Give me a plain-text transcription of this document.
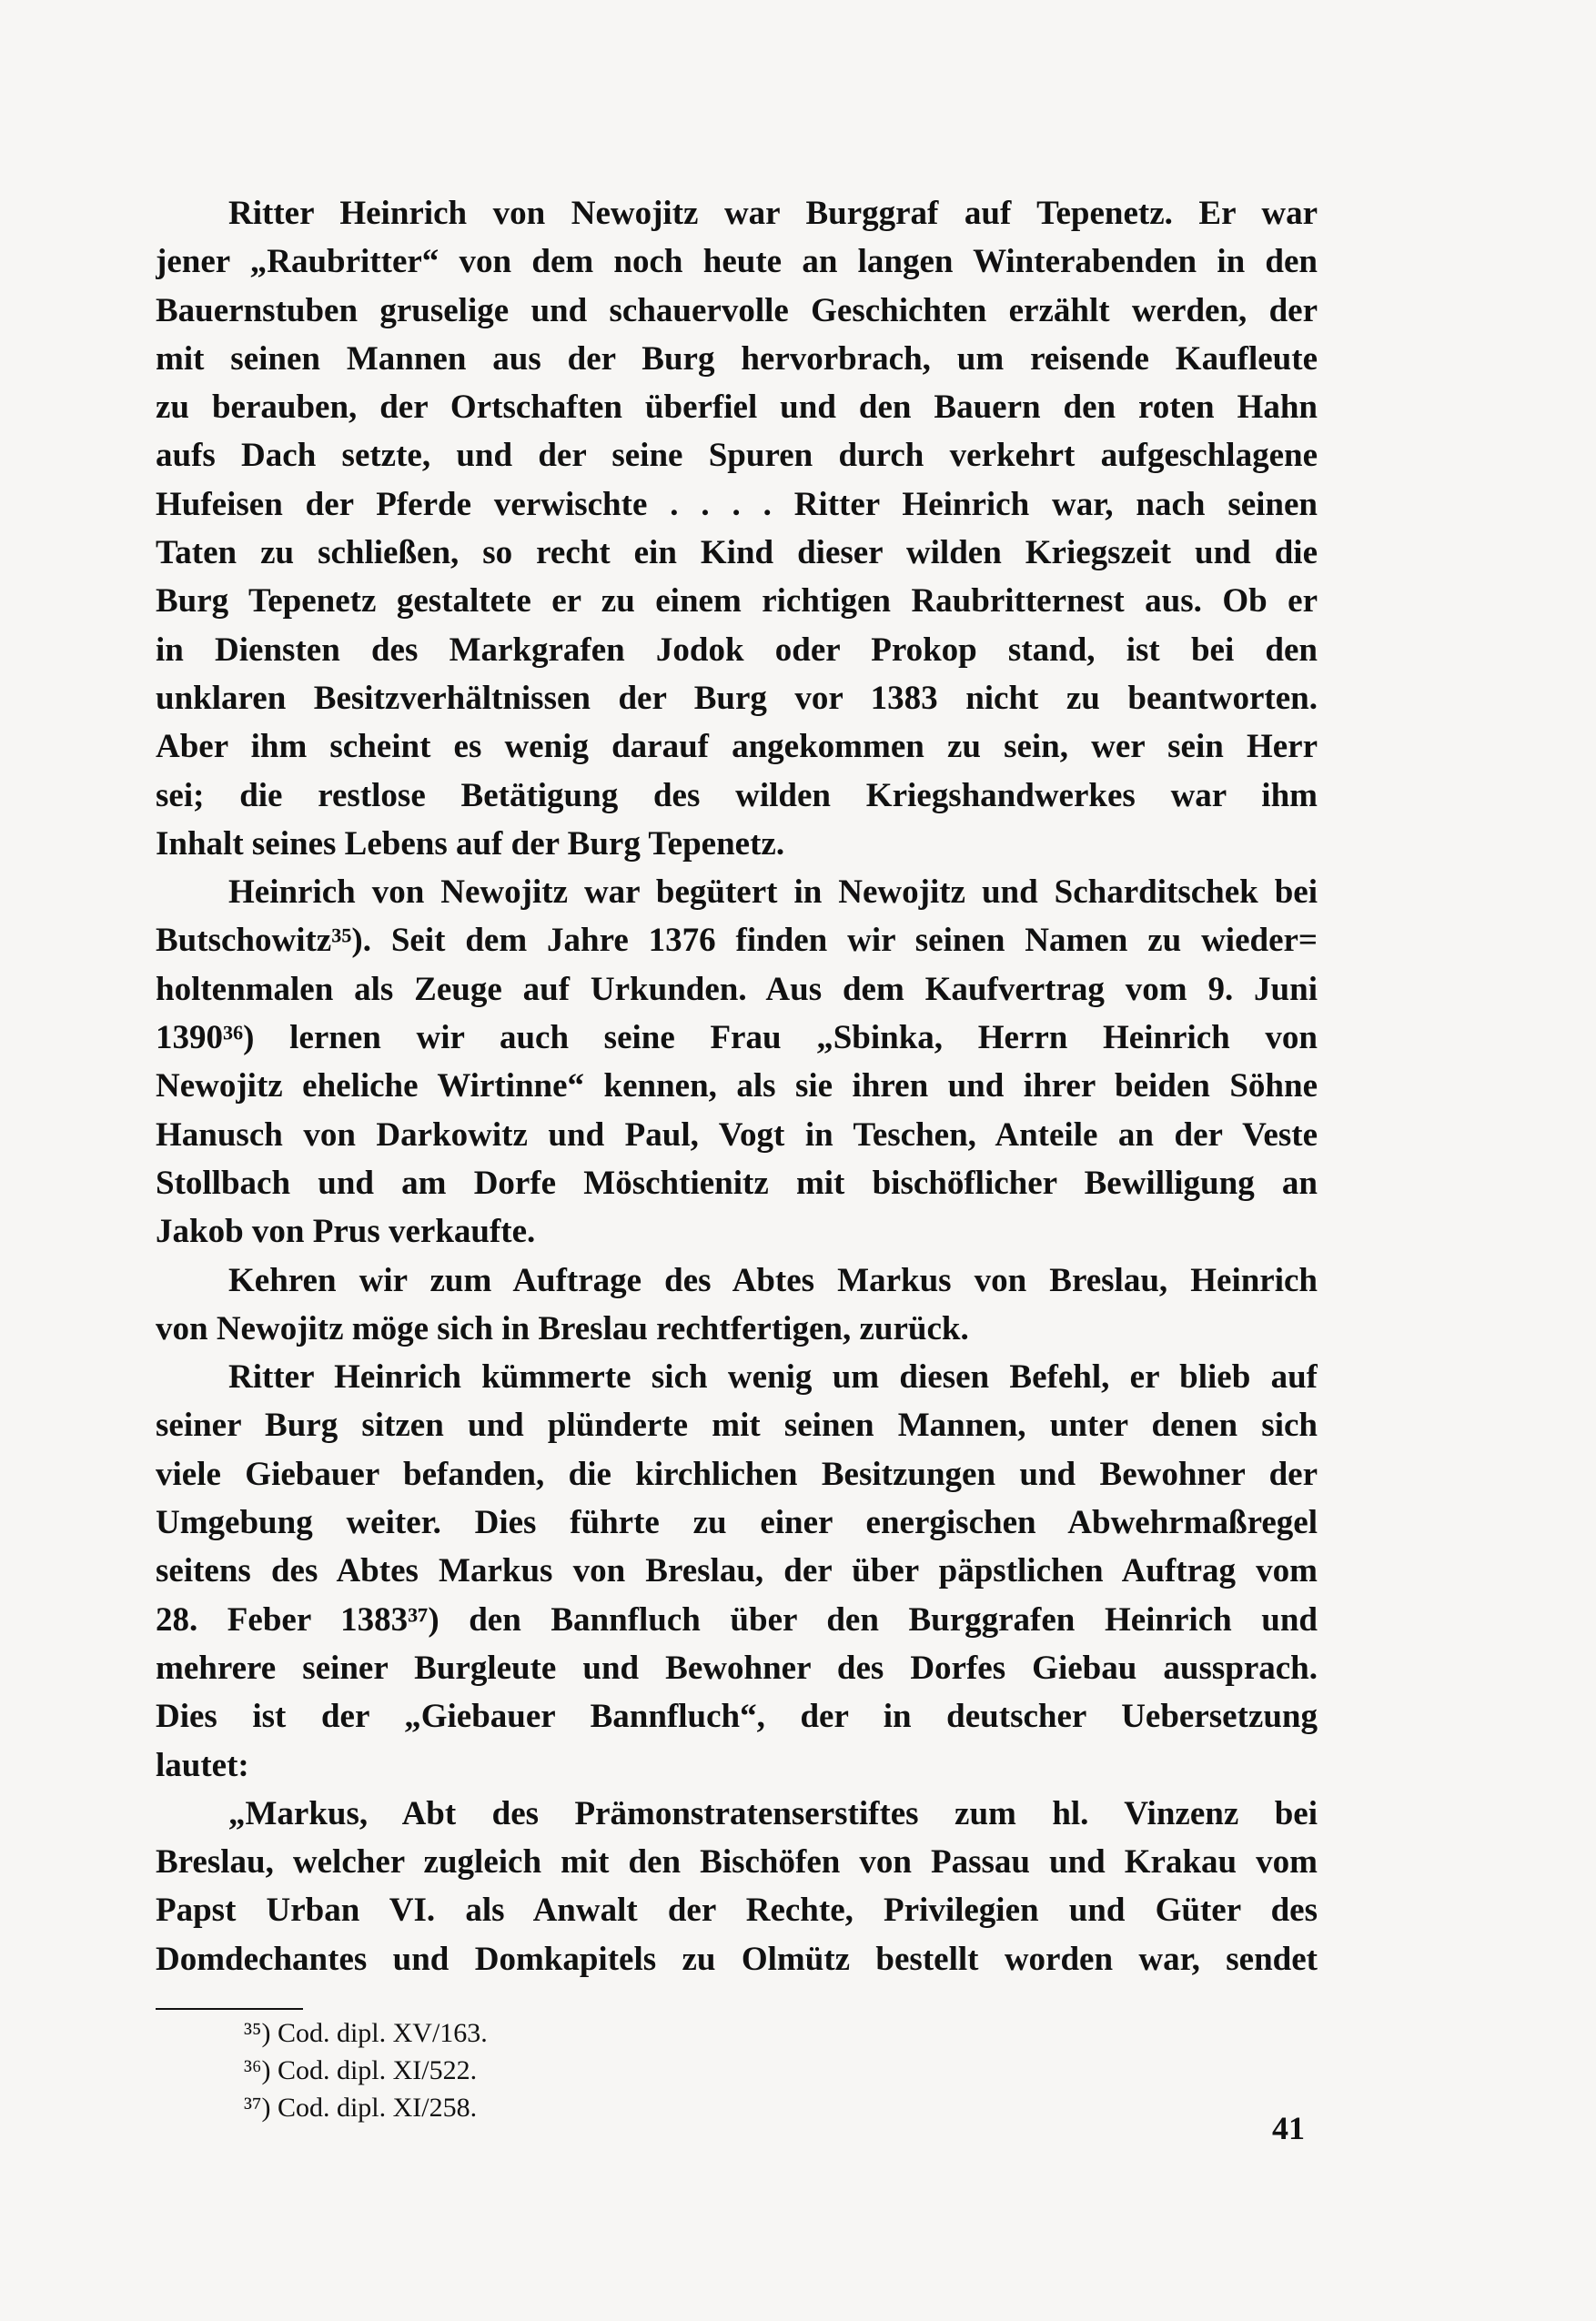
Ritter Heinrich von Newojitz war Burggraf auf Tepenetz. Er war
jener „Raubritter“ von dem noch heute an langen Winterabenden in den
Bauernstuben gruselige und schauervolle Geschichten erzählt werden, der
mit seinen Mannen aus der Burg hervorbrach, um reisende Kaufleute
zu berauben, der Ortschaften überfiel und den Bauern den roten Hahn
aufs Dach setzte, und der seine Spuren durch verkehrt aufgeschlagene
Hufeisen der Pferde verwischte . . . . Ritter Heinrich war, nach seinen
Taten zu schließen, so recht ein Kind dieser wilden Kriegszeit und die
Burg Tepenetz gestaltete er zu einem richtigen Raubritternest aus. Ob er
in Diensten des Markgrafen Jodok oder Prokop stand, ist bei den
unklaren Besitzverhältnissen der Burg vor 1383 nicht zu beantworten.
Aber ihm scheint es wenig darauf angekommen zu sein, wer sein Herr
sei; die restlose Betätigung des wilden Kriegshandwerkes war ihm
Inhalt seines Lebens auf der Burg Tepenetz.
Heinrich von Newojitz war begütert in Newojitz und Scharditschek bei
Butschowitz³⁵). Seit dem Jahre 1376 finden wir seinen Namen zu wieder=
holtenmalen als Zeuge auf Urkunden. Aus dem Kaufvertrag vom 9. Juni
1390³⁶) lernen wir auch seine Frau „Sbinka, Herrn Heinrich von
Newojitz eheliche Wirtinne“ kennen, als sie ihren und ihrer beiden Söhne
Hanusch von Darkowitz und Paul, Vogt in Teschen, Anteile an der Veste
Stollbach und am Dorfe Möschtienitz mit bischöflicher Bewilligung an
Jakob von Prus verkaufte.
Kehren wir zum Auftrage des Abtes Markus von Breslau, Heinrich
von Newojitz möge sich in Breslau rechtfertigen, zurück.
Ritter Heinrich kümmerte sich wenig um diesen Befehl, er blieb auf
seiner Burg sitzen und plünderte mit seinen Mannen, unter denen sich
viele Giebauer befanden, die kirchlichen Besitzungen und Bewohner der
Umgebung weiter. Dies führte zu einer energischen Abwehrmaßregel
seitens des Abtes Markus von Breslau, der über päpstlichen Auftrag vom
28. Feber 1383³⁷) den Bannfluch über den Burggrafen Heinrich und
mehrere seiner Burgleute und Bewohner des Dorfes Giebau aussprach.
Dies ist der „Giebauer Bannfluch“, der in deutscher Uebersetzung
lautet:
„Markus, Abt des Prämonstratenserstiftes zum hl. Vinzenz bei
Breslau, welcher zugleich mit den Bischöfen von Passau und Krakau vom
Papst Urban VI. als Anwalt der Rechte, Privilegien und Güter des
Domdechantes und Domkapitels zu Olmütz bestellt worden war, sendet
³⁵) Cod. dipl. XV/163.
³⁶) Cod. dipl. XI/522.
³⁷) Cod. dipl. XI/258.
41
